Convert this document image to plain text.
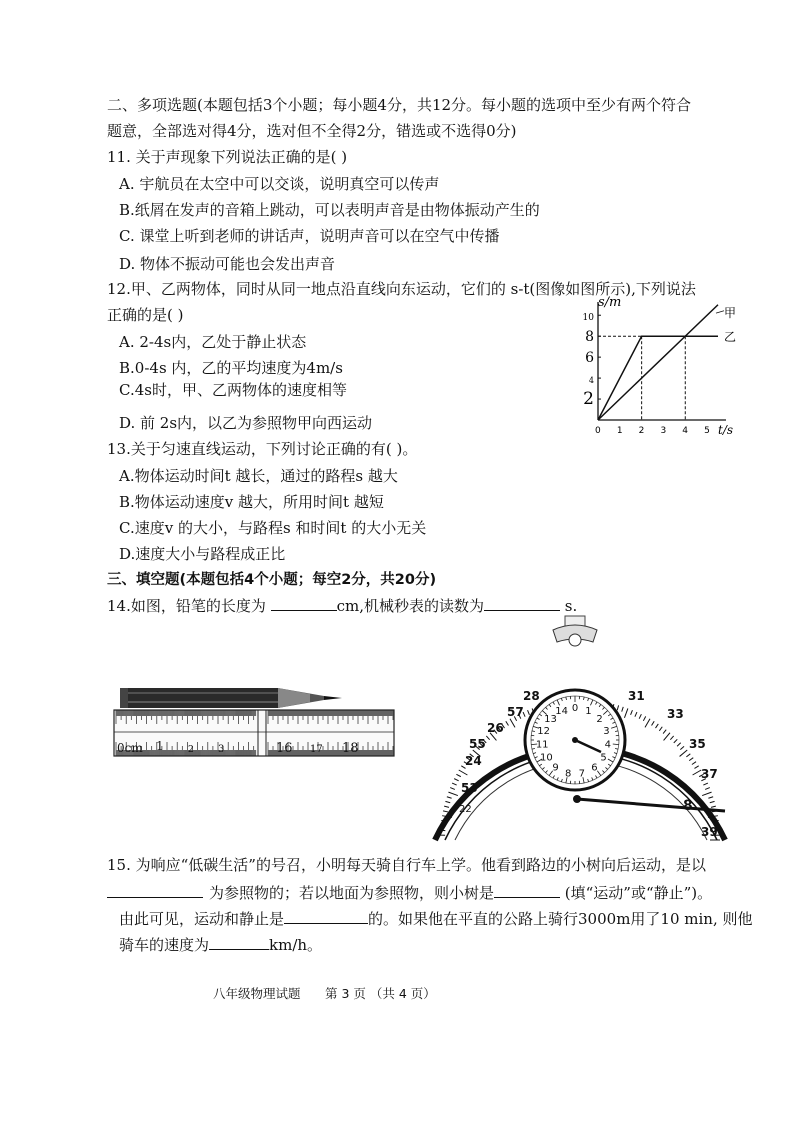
二、多项选题(本题包括3个小题；每小题4分，共12分。每小题的选项中至少有两个符合
题意，全部选对得4分，选对但不全得2分，错选或不选得0分)
11. 关于声现象下列说法正确的是( )
A. 宇航员在太空中可以交谈，说明真空可以传声
B.纸屑在发声的音箱上跳动，可以表明声音是由物体振动产生的
C. 课堂上听到老师的讲话声，说明声音可以在空气中传播
D. 物体不振动可能也会发出声音
12.甲、乙两物体，同时从同一地点沿直线向东运动，它们的 s-t(图像如图所示),下列说法
正确的是( )
A. 2-4s内，乙处于静止状态
B.0-4s 内，乙的平均速度为4m/s
C.4s时，甲、乙两物体的速度相等
D. 前 2s内，以乙为参照物甲向西运动
s/m
t/s
0 1 2 3 4 5
2
4
6
8
10	甲
乙
13.关于匀速直线运动，下列讨论正确的有( )。
A.物体运动时间t 越长，通过的路程s 越大
B.物体运动速度v 越大，所用时间t 越短
C.速度v 的大小，与路程s 和时间t 的大小无关
D.速度大小与路程成正比
三、填空题(本题包括4个小题；每空2分，共20分)
14.如图，铅笔的长度为	cm,机械秒表的读数为	s.
0cm 1	2 3	16 17 18
28
57
26
55
24
53
22
31
33
35
37
8
39
0 1
2
3
4
5
6
7
8
9
10
11
12
13
14
15. 为响应“低碳生活”的号召，小明每天骑自行车上学。他看到路边的小树向后运动，是以
为参照物的；若以地面为参照物，则小树是	(填“运动”或“静止”)。
由此可见，运动和静止是	的。如果他在平直的公路上骑行3000m用了10 min, 则他
骑车的速度为	km/h。
八年级物理试题 第 3 页 （共 4 页）
